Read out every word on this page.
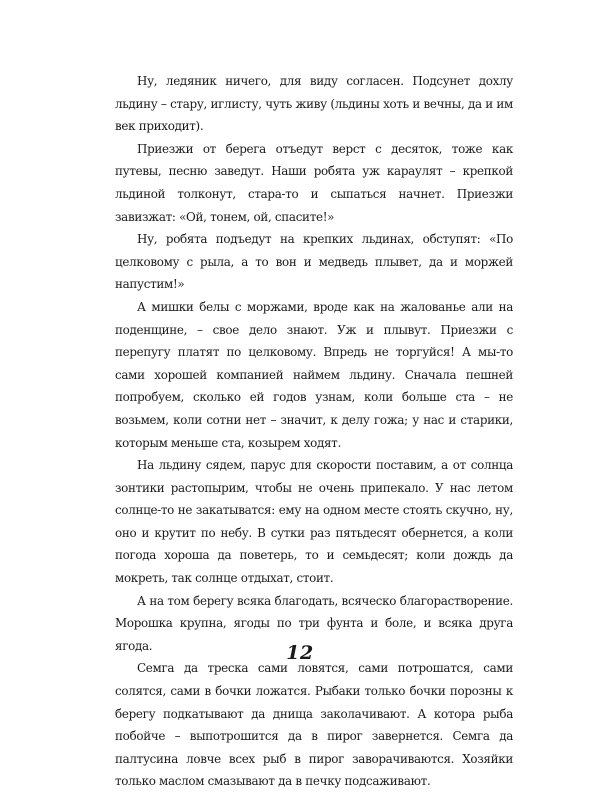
Ну, ледяник ничего, для виду согласен. Подсунет дохлу льдину – стару, иглисту, чуть живу (льдины хоть и вечны, да и им век приходит).

Приезжи от берега отъедут верст с десяток, тоже как путевы, песню заведут. Наши робята уж караулят – крепкой льдиной толконут, стара-то и сыпаться начнет. Приезжи завизжат: «Ой, тонем, ой, спасите!»

Ну, робята подъедут на крепких льдинах, обступят: «По целковому с рыла, а то вон и медведь плывет, да и моржей напустим!»

А мишки белы с моржами, вроде как на жалованье али на поденщине, – свое дело знают. Уж и плывут. Приезжи с перепугу платят по целковому. Впредь не торгуйся! А мы-то сами хорошей компанией наймем льдину. Сначала пешней попробуем, сколько ей годов узнам, коли больше ста – не возьмем, коли сотни нет – значит, к делу гожа; у нас и старики, которым меньше ста, козырем ходят.

На льдину сядем, парус для скорости поставим, а от солнца зонтики растопырим, чтобы не очень припекало. У нас летом солнце-то не закатыватся: ему на одном месте стоять скучно, ну, оно и крутит по небу. В сутки раз пятьдесят обернется, а коли погода хороша да поветерь, то и семьдесят; коли дождь да мокреть, так солнце отдыхат, стоит.

А на том берегу всяка благодать, всяческо благорастворение. Морошка крупна, ягоды по три фунта и боле, и всяка друга ягода.

Семга да треска сами ловятся, сами потрошатся, сами солятся, сами в бочки ложатся. Рыбаки только бочки порозны к берегу подкатывают да днища заколачивают. А котора рыба побойче – выпотрошится да в пирог завернется. Семга да палтусина ловче всех рыб в пирог заворачиваются. Хозяйки только маслом смазывают да в печку подсаживают.

12
